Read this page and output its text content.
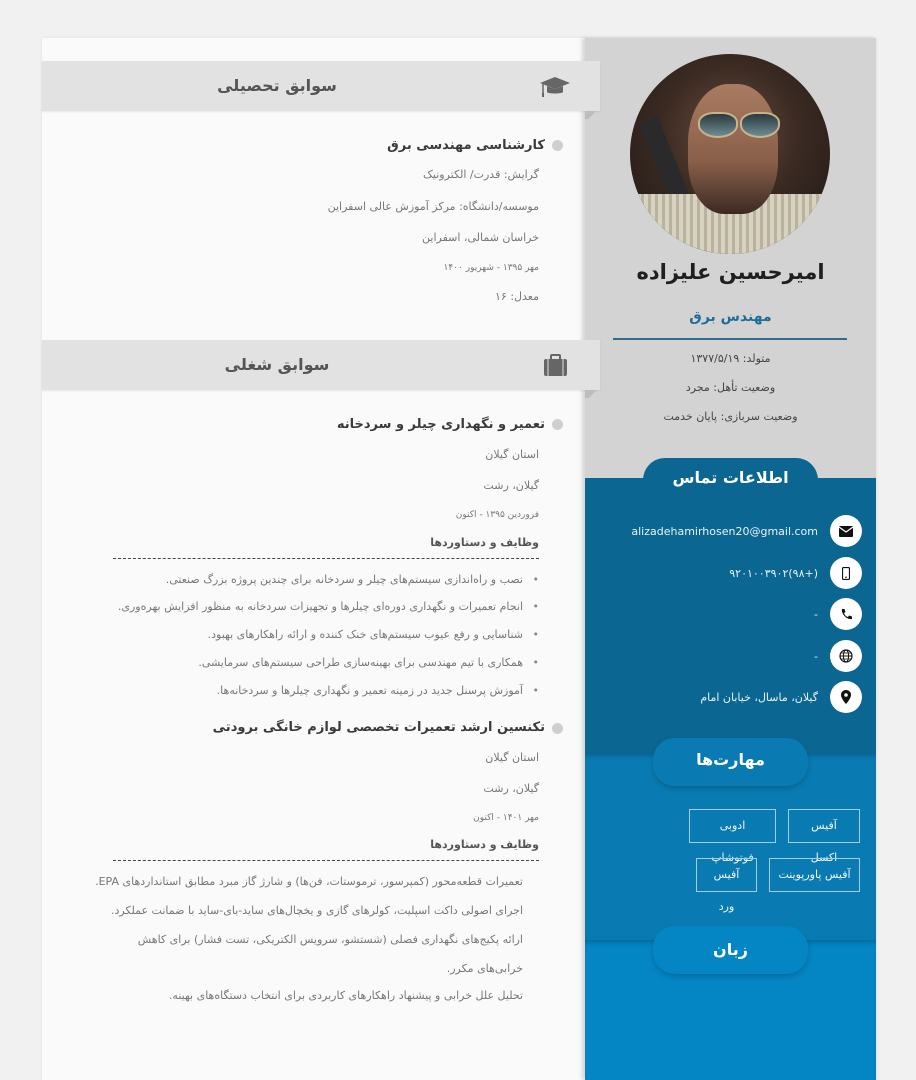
امیرحسین علیزاده
مهندس برق
متولد: ۱۳۷۷/۵/۱۹
وضعیت تأهل: مجرد
وضعیت سربازی: پایان خدمت
اطلاعات تماس
alizadehamirhosen20@gmail.com
(+۹۸)۹۲۰۱۰۰۳۹۰۲
-
-
گیلان، ماسال، خیابان امام
مهارت‌ها
آفیس اکسل
ادوبی فوتوشاپ
آفیس پاورپوینت
آفیس ورد
زبان
سوابق تحصیلی
کارشناسی مهندسی برق
گرایش: قدرت/ الکترونیک
موسسه/دانشگاه: مرکز آموزش عالی اسفراین
خراسان شمالی، اسفراین
مهر ۱۳۹۵ - شهریور ۱۴۰۰
معدل: ۱۶
سوابق شغلی
تعمیر و نگهداری چیلر و سردخانه
استان گیلان
گیلان، رشت
فروردین ۱۳۹۵ - اکنون
وظایف و دستاوردها
• نصب و راه‌اندازی سیستم‌های چیلر و سردخانه برای چندین پروژه بزرگ صنعتی.
• انجام تعمیرات و نگهداری دوره‌ای چیلرها و تجهیزات سردخانه به منظور افزایش بهره‌وری.
• شناسایی و رفع عیوب سیستم‌های خنک کننده و ارائه راهکارهای بهبود.
• همکاری با تیم مهندسی برای بهینه‌سازی طراحی سیستم‌های سرمایشی.
• آموزش پرسنل جدید در زمینه تعمیر و نگهداری چیلرها و سردخانه‌ها.
تکنسین ارشد تعمیرات تخصصی لوازم خانگی برودتی
استان گیلان
گیلان، رشت
مهر ۱۴۰۱ - اکنون
وظایف و دستاوردها
تعمیرات قطعه‌محور (کمپرسور، ترموستات، فن‌ها) و شارژ گاز مبرد مطابق استانداردهای EPA.
اجرای اصولی داکت اسپلیت، کولرهای گازی و یخچال‌های ساید-بای-ساید با ضمانت عملکرد.
ارائه پکیج‌های نگهداری فصلی (شستشو، سرویس الکتریکی، تست فشار) برای کاهش
خرابی‌های مکرر.
تحلیل علل خرابی و پیشنهاد راهکارهای کاربردی برای انتخاب دستگاه‌های بهینه.
